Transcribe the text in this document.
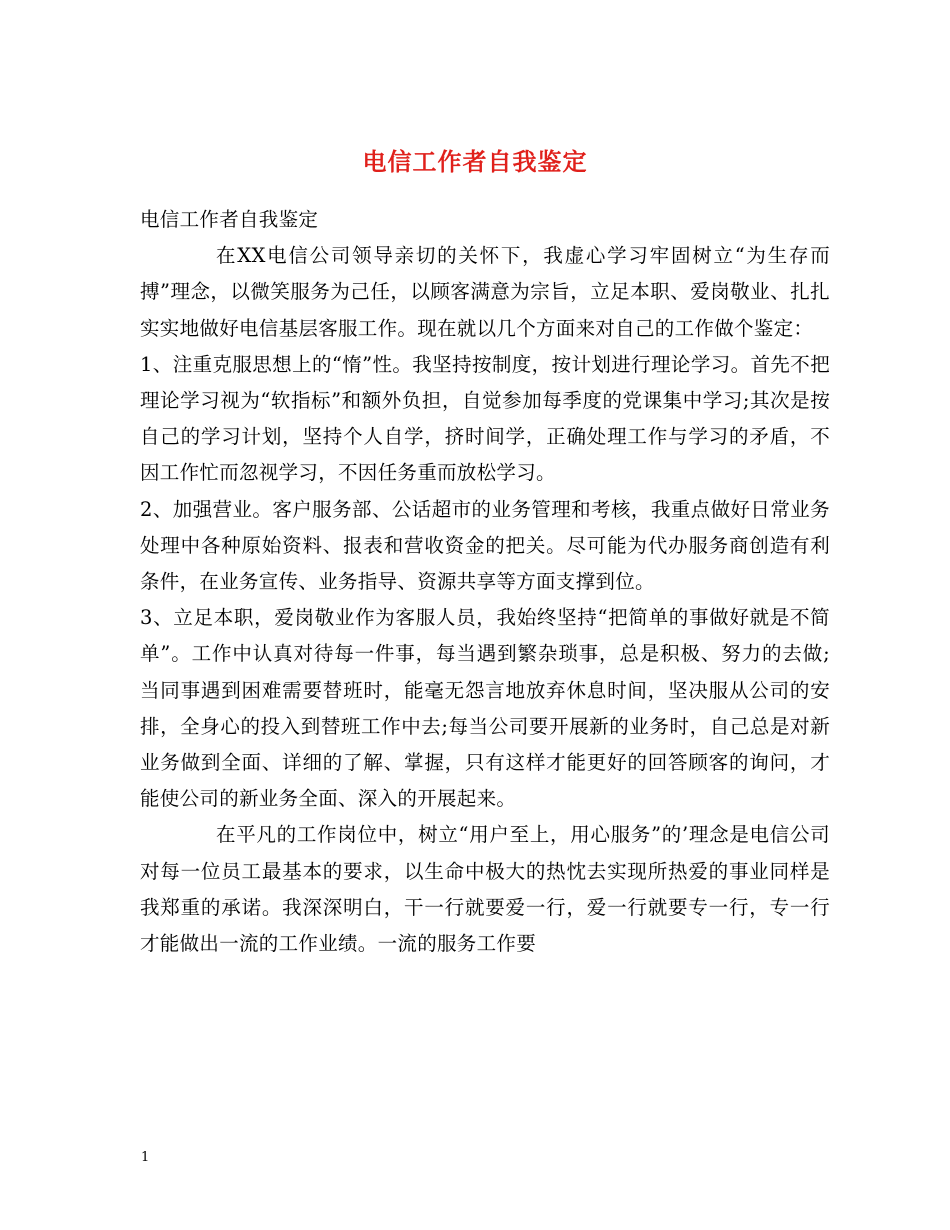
电信工作者自我鉴定

电信工作者自我鉴定

在XX电信公司领导亲切的关怀下，我虚心学习牢固树立“为生存而搏”理念，以微笑服务为己任，以顾客满意为宗旨，立足本职、爱岗敬业、扎扎实实地做好电信基层客服工作。现在就以几个方面来对自己的工作做个鉴定：

1、注重克服思想上的“惰”性。我坚持按制度，按计划进行理论学习。首先不把理论学习视为“软指标”和额外负担，自觉参加每季度的党课集中学习;其次是按自己的学习计划，坚持个人自学，挤时间学，正确处理工作与学习的矛盾，不因工作忙而忽视学习，不因任务重而放松学习。

2、加强营业。客户服务部、公话超市的业务管理和考核，我重点做好日常业务处理中各种原始资料、报表和营收资金的把关。尽可能为代办服务商创造有利条件，在业务宣传、业务指导、资源共享等方面支撑到位。

3、立足本职，爱岗敬业作为客服人员，我始终坚持“把简单的事做好就是不简单”。工作中认真对待每一件事，每当遇到繁杂琐事，总是积极、努力的去做;当同事遇到困难需要替班时，能毫无怨言地放弃休息时间，坚决服从公司的安排，全身心的投入到替班工作中去;每当公司要开展新的业务时，自己总是对新业务做到全面、详细的了解、掌握，只有这样才能更好的回答顾客的询问，才能使公司的新业务全面、深入的开展起来。

在平凡的工作岗位中，树立“用户至上，用心服务”的’理念是电信公司对每一位员工最基本的要求，以生命中极大的热忱去实现所热爱的事业同样是我郑重的承诺。我深深明白，干一行就要爱一行，爱一行就要专一行，专一行才能做出一流的工作业绩。一流的服务工作要

1
